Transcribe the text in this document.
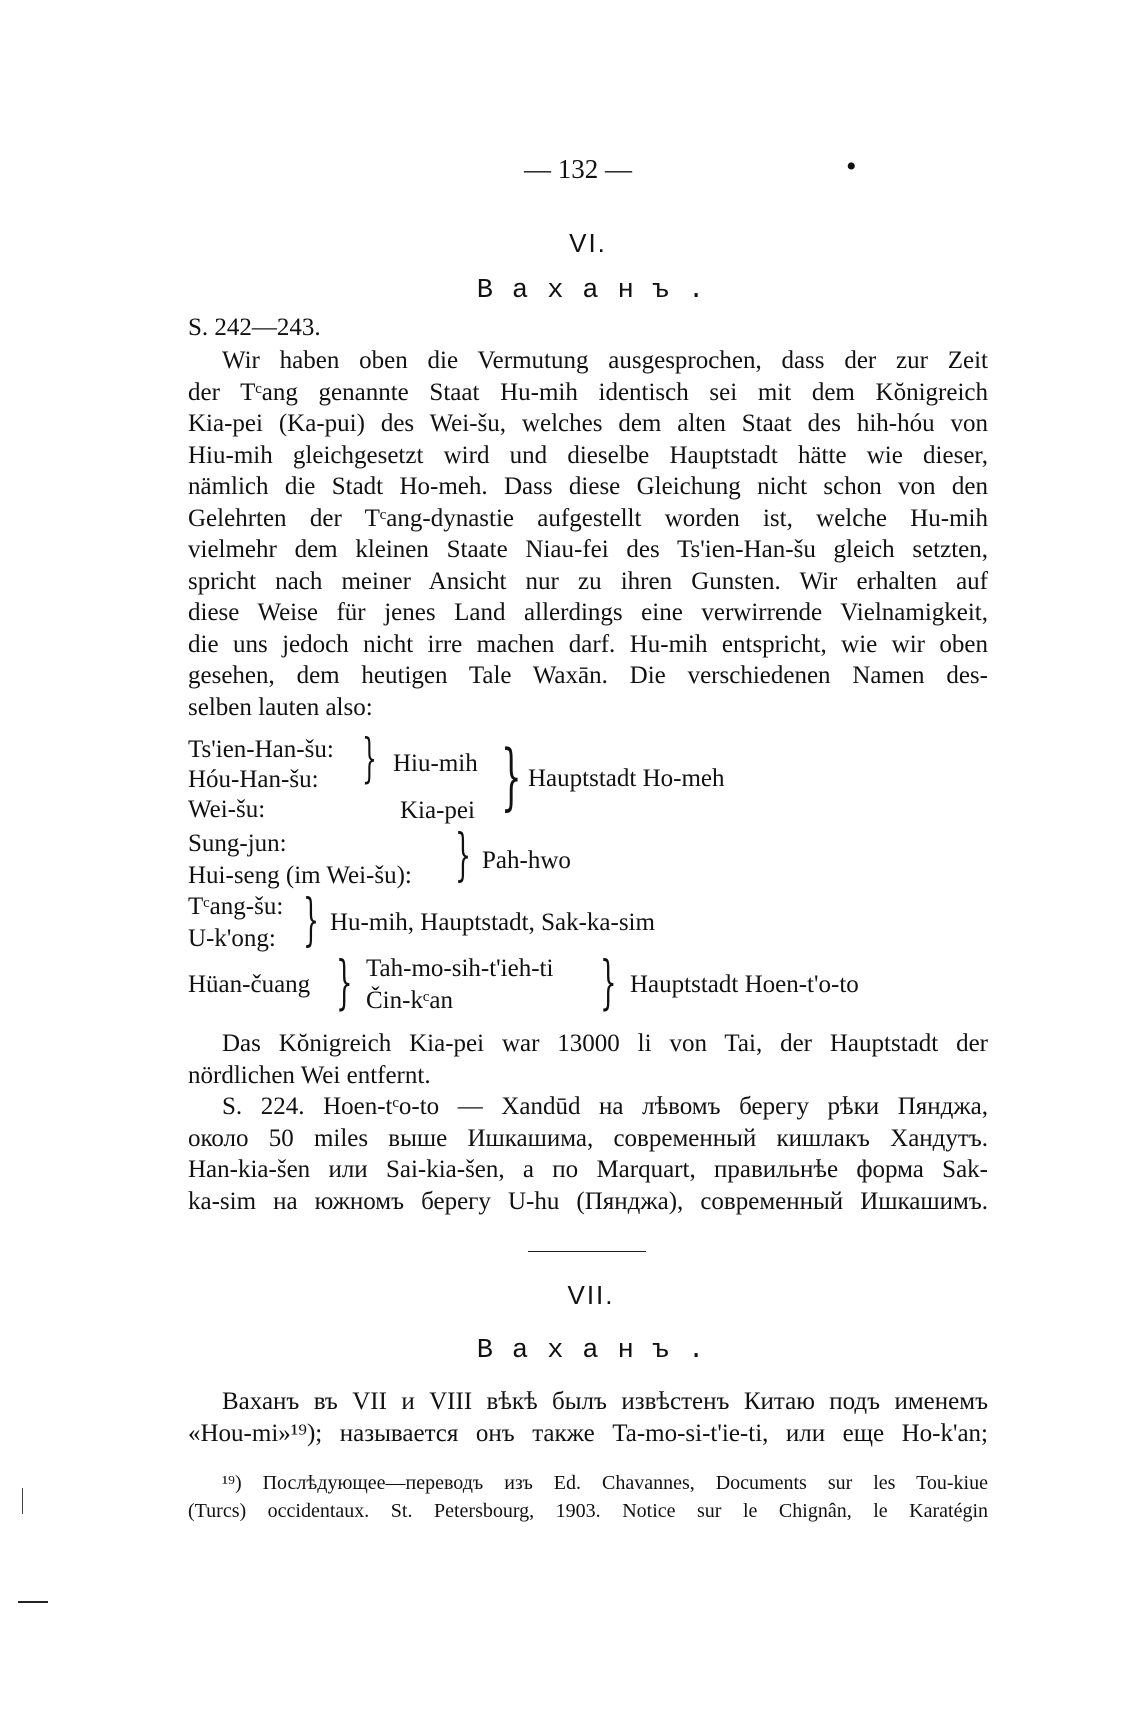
— 132 —	•
VI.
Ваханъ.
S. 242—243.
Wir haben oben die Vermutung ausgesprochen, dass der zur Zeit
der Tᶜang genannte Staat Hu-mih identisch sei mit dem Kŏnigreich
Kia-pei (Ka-pui) des Wei-šu, welches dem alten Staat des hih-hóu von
Hiu-mih gleichgesetzt wird und dieselbe Hauptstadt hätte wie dieser,
nämlich die Stadt Ho-meh. Dass diese Gleichung nicht schon von den
Gelehrten der Tᶜang-dynastie aufgestellt worden ist, welche Hu-mih
vielmehr dem kleinen Staate Niau-fei des Ts'ien-Han-šu gleich setzten,
spricht nach meiner Ansicht nur zu ihren Gunsten. Wir erhalten auf
diese Weise für jenes Land allerdings eine verwirrende Vielnamigkeit,
die uns jedoch nicht irre machen darf. Hu-mih entspricht, wie wir oben
gesehen, dem heutigen Tale Waxān. Die verschiedenen Namen des-
selben lauten also:
Ts'ien-Han-šu:
Hóu-Han-šu:
Wei-šu:
} Hiu-mih
Kia-pei } Hauptstadt Ho-meh
Sung-jun:
Hui-seng (im Wei-šu): } Pah-hwo
Tᶜang-šu:
U-k'ong: } Hu-mih, Hauptstadt, Sak-ka-sim
Hüan-čuang } Tah-mo-sih-t'ieh-ti
Čin-kᶜan	} Hauptstadt Hoen-t'o-to
Das Kŏnigreich Kia-pei war 13000 li von Tai, der Hauptstadt der
nördlichen Wei entfernt.
S. 224. Hoen-tᶜo-to — Xandūd на лѣвомъ берегу рѣки Пянджа,
около 50 miles выше Ишкашима, современный кишлакъ Хандутъ.
Han-kia-šen или Sai-kia-šen, а по Marquart, правильнѣе форма Sak-
ka-sim на южномъ берегу U-hu (Пянджа), современный Ишкашимъ.
VII.
Ваханъ.
Ваханъ въ VII и VIII вѣкѣ былъ извѣстенъ Китаю подъ именемъ
«Hou-mi»¹⁹); называется онъ также Ta-mo-si-t'ie-ti, или еще Ho-k'an;
¹⁹) Послѣдующее—переводъ изъ Ed. Chavannes, Documents sur les Tou-kiue
(Turcs) occidentaux. St. Petersbourg, 1903. Notice sur le Chignân, le Karatégin
